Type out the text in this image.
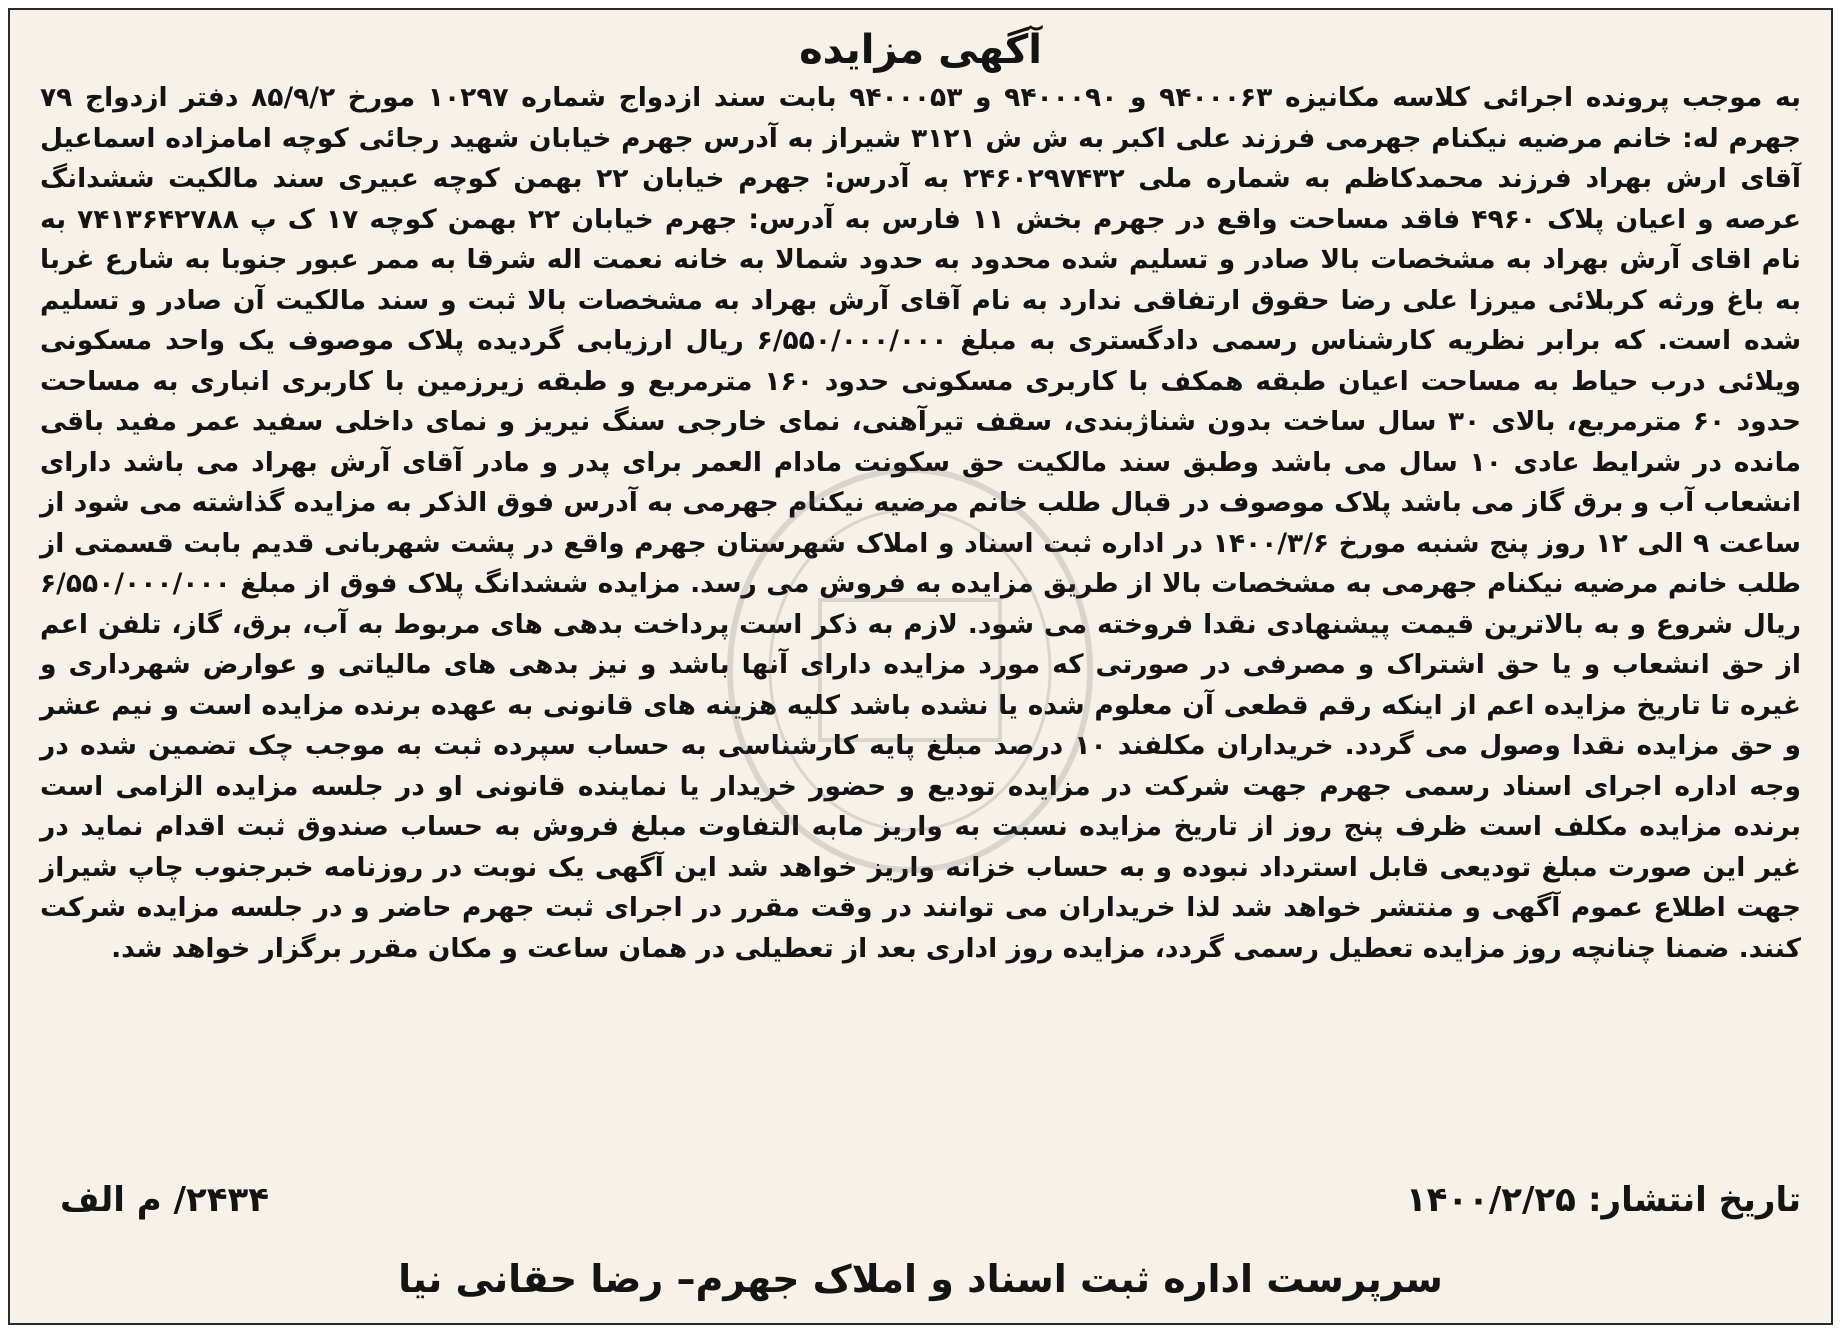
آگهی مزایده
به موجب پرونده اجرائی کلاسه مکانیزه ۹۴۰۰۰۶۳ و ۹۴۰۰۰۹۰ و ۹۴۰۰۰۵۳ بابت سند ازدواج شماره ۱۰۲۹۷ مورخ ۸۵/۹/۲ دفتر ازدواج ۷۹ جهرم له: خانم مرضیه نیکنام جهرمی فرزند علی اکبر به ش ش ۳۱۲۱ شیراز به آدرس جهرم خیابان شهید رجائی کوچه امامزاده اسماعیل آقای ارش بهراد فرزند محمدکاظم به شماره ملی ۲۴۶۰۲۹۷۴۳۲ به آدرس: جهرم خیابان ۲۲ بهمن کوچه عبیری سند مالکیت ششدانگ عرصه و اعیان پلاک ۴۹۶۰ فاقد مساحت واقع در جهرم بخش ۱۱ فارس به آدرس: جهرم خیابان ۲۲ بهمن کوچه ۱۷ ک پ ۷۴۱۳۶۴۲۷۸۸ به نام اقای آرش بهراد به مشخصات بالا صادر و تسلیم شده محدود به حدود شمالا به خانه نعمت اله شرقا به ممر عبور جنوبا به شارع غربا به باغ ورثه کربلائی میرزا علی رضا حقوق ارتفاقی ندارد به نام آقای آرش بهراد به مشخصات بالا ثبت و سند مالکیت آن صادر و تسلیم شده است. که برابر نظریه کارشناس رسمی دادگستری به مبلغ ۶/۵۵۰/۰۰۰/۰۰۰ ریال ارزیابی گردیده پلاک موصوف یک واحد مسکونی ویلائی درب حیاط به مساحت اعیان طبقه همکف با کاربری مسکونی حدود ۱۶۰ مترمربع و طبقه زیرزمین با کاربری انباری به مساحت حدود ۶۰ مترمربع، بالای ۳۰ سال ساخت بدون شناژبندی، سقف تیرآهنی، نمای خارجی سنگ نیریز و نمای داخلی سفید عمر مفید باقی مانده در شرایط عادی ۱۰ سال می باشد وطبق سند مالکیت حق سکونت مادام العمر برای پدر و مادر آقای آرش بهراد می باشد دارای انشعاب آب و برق گاز می باشد پلاک موصوف در قبال طلب خانم مرضیه نیکنام جهرمی به آدرس فوق الذکر به مزایده گذاشته می شود از ساعت ۹ الی ۱۲ روز پنج شنبه مورخ ۱۴۰۰/۳/۶ در اداره ثبت اسناد و املاک شهرستان جهرم واقع در پشت شهربانی قدیم بابت قسمتی از طلب خانم مرضیه نیکنام جهرمی به مشخصات بالا از طریق مزایده به فروش می رسد. مزایده ششدانگ پلاک فوق از مبلغ ۶/۵۵۰/۰۰۰/۰۰۰ ریال شروع و به بالاترین قیمت پیشنهادی نقدا فروخته می شود. لازم به ذکر است پرداخت بدهی های مربوط به آب، برق، گاز، تلفن اعم از حق انشعاب و یا حق اشتراک و مصرفی در صورتی که مورد مزایده دارای آنها باشد و نیز بدهی های مالیاتی و عوارض شهرداری و غیره تا تاریخ مزایده اعم از اینکه رقم قطعی آن معلوم شده یا نشده باشد کلیه هزینه های قانونی به عهده برنده مزایده است و نیم عشر و حق مزایده نقدا وصول می گردد. خریداران مکلفند ۱۰ درصد مبلغ پایه کارشناسی به حساب سپرده ثبت به موجب چک تضمین شده در وجه اداره اجرای اسناد رسمی جهرم جهت شرکت در مزایده تودیع و حضور خریدار یا نماینده قانونی او در جلسه مزایده الزامی است برنده مزایده مکلف است ظرف پنج روز از تاریخ مزایده نسبت به واریز مابه التفاوت مبلغ فروش به حساب صندوق ثبت اقدام نماید در غیر این صورت مبلغ تودیعی قابل استرداد نبوده و به حساب خزانه واریز خواهد شد این آگهی یک نوبت در روزنامه خبرجنوب چاپ شیراز جهت اطلاع عموم آگهی و منتشر خواهد شد لذا خریداران می توانند در وقت مقرر در اجرای ثبت جهرم حاضر و در جلسه مزایده شرکت کنند. ضمنا چنانچه روز مزایده تعطیل رسمی گردد، مزایده روز اداری بعد از تعطیلی در همان ساعت و مکان مقرر برگزار خواهد شد.
تاریخ انتشار:
۱۴۰۰/۲/۲۵
۲۴۳۴/ م الف
سرپرست اداره ثبت اسناد و املاک جهرم– رضا حقانی نیا
